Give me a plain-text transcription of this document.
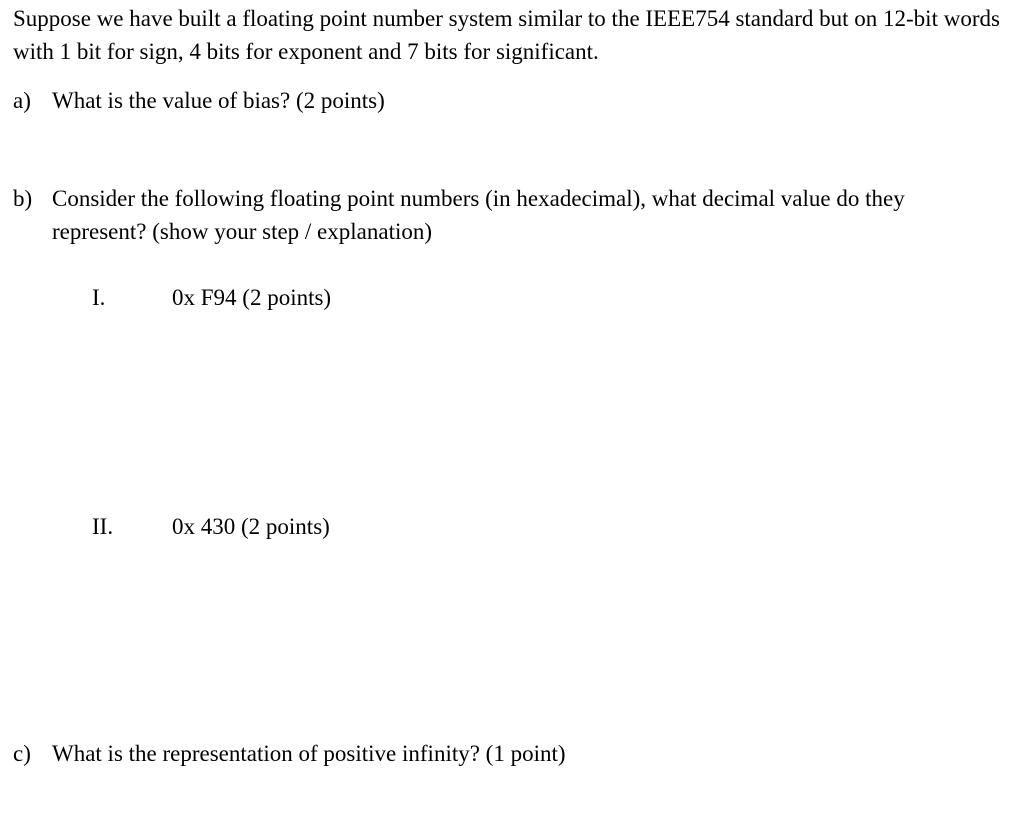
Suppose we have built a floating point number system similar to the IEEE754 standard but on 12-bit words with 1 bit for sign, 4 bits for exponent and 7 bits for significant.

a) What is the value of bias? (2 points)
b) Consider the following floating point numbers (in hexadecimal), what decimal value do they represent? (show your step / explanation)
I.	0x F94 (2 points)
II.	0x 430 (2 points)
c) What is the representation of positive infinity? (1 point)
